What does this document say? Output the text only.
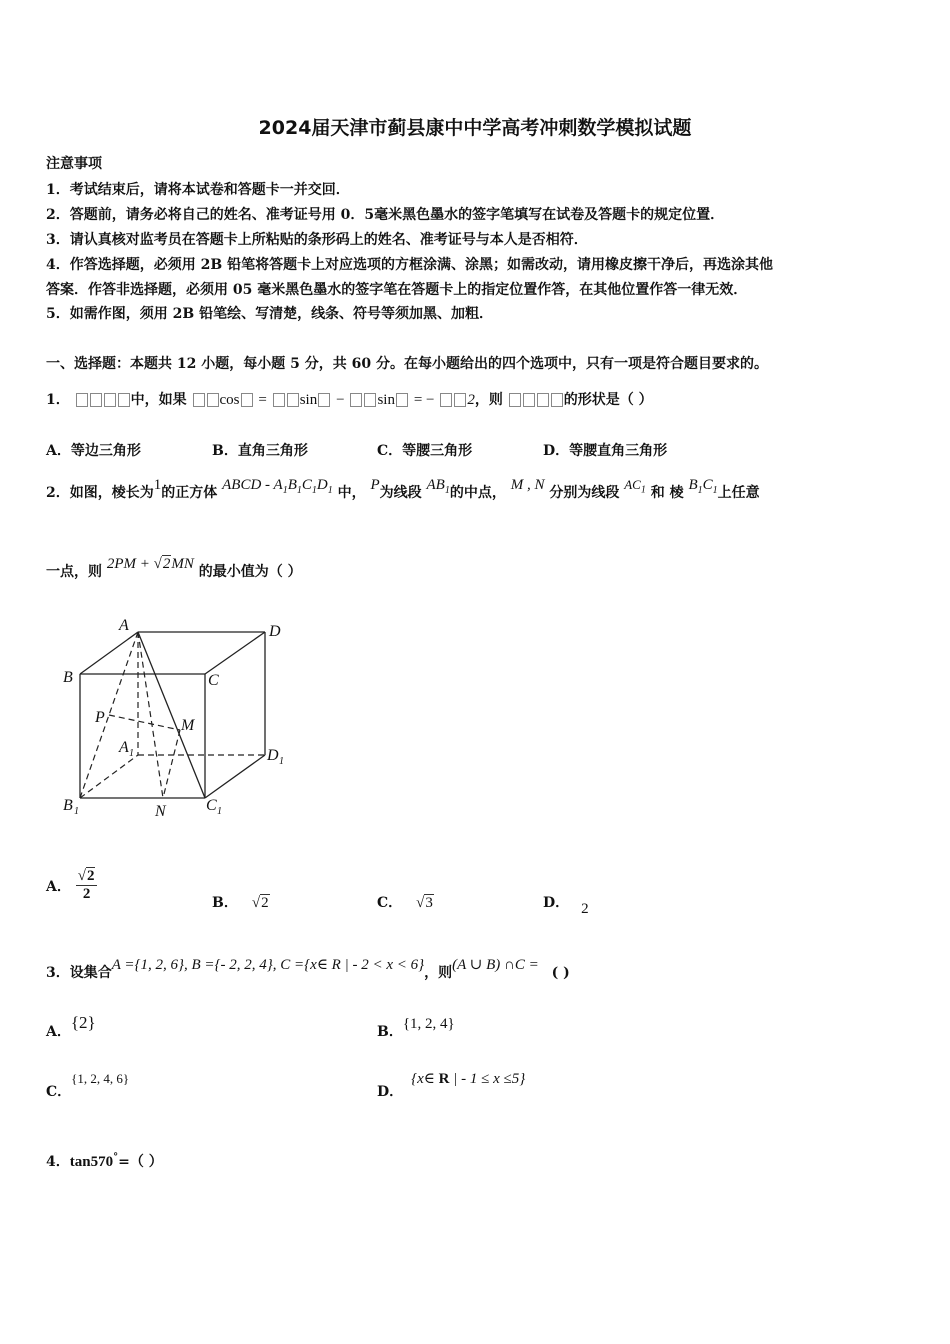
2024届天津市蓟县康中中学高考冲刺数学模拟试题
注意事项
1．考试结束后，请将本试卷和答题卡一并交回．
2．答题前，请务必将自己的姓名、准考证号用 0．5毫米黑色墨水的签字笔填写在试卷及答题卡的规定位置．
3．请认真核对监考员在答题卡上所粘贴的条形码上的姓名、准考证号与本人是否相符．
4．作答选择题，必须用 2B 铅笔将答题卡上对应选项的方框涂满、涂黑；如需改动，请用橡皮擦干净后，再选涂其他
答案．作答非选择题，必须用 05 毫米黑色墨水的签字笔在答题卡上的指定位置作答，在其他位置作答一律无效．
5．如需作图，须用 2B 铅笔绘、写清楚，线条、符号等须加黑、加粗．
一、选择题：本题共 12 小题，每小题 5 分，共 60 分。在每小题给出的四个选项中，只有一项是符合题目要求的。
1．	中，如果 cos = sin − sin = − 2，则	的形状是（ ）
A．等边三角形	B．直角三角形	C．等腰三角形	D．等腰直角三角形
2．如图，棱长为1的正方体 ABCD - $A_1B_1C_1D_1$ 中， P为线段 $AB_1$的中点， M , N 分别为线段 $AC_1$ 和 棱 $B_1C_1$上任意
一点，则 2PM + √2MN 的最小值为（ ）
A	D
B	C
P	M
A 1	D 1
B 1	N	C 1
A． $\frac{√2}{2}$	B． √2	C． √3	D． 2
3．设集合A ={1, 2, 6}, B ={- 2, 2, 4}, C ={x∈ R | - 2 < x < 6}，则(A ∪ B) ∩C = ( )
A．{2}	B．{1, 2, 4}
C．{1, 2, 4, 6}
D．{x∈ R | - 1 ≤ x ≤5}
4．tan570°=（ ）
